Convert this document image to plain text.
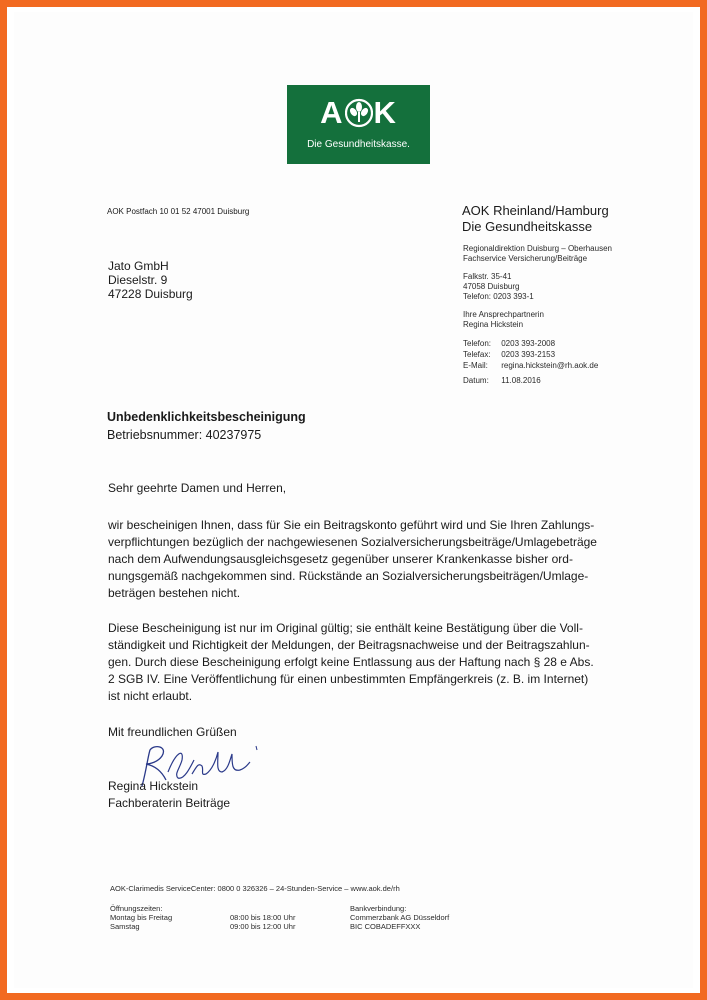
A K
Die Gesundheitskasse.
AOK Postfach 10 01 52 47001 Duisburg
Jato GmbH
Dieselstr. 9
47228 Duisburg
AOK Rheinland/Hamburg
Die Gesundheitskasse
Regionaldirektion Duisburg – Oberhausen
Fachservice Versicherung/Beiträge
Falkstr. 35-41
47058 Duisburg
Telefon: 0203 393-1
Ihre Ansprechpartnerin
Regina Hickstein
Telefon: 0203 393-2008
Telefax: 0203 393-2153
E-Mail: regina.hickstein@rh.aok.de
Datum: 11.08.2016
Unbedenklichkeitsbescheinigung
Betriebsnummer: 40237975
Sehr geehrte Damen und Herren,
wir bescheinigen Ihnen, dass für Sie ein Beitragskonto geführt wird und Sie Ihren Zahlungs-
verpflichtungen bezüglich der nachgewiesenen Sozialversicherungsbeiträge/Umlagebeträge
nach dem Aufwendungsausgleichsgesetz gegenüber unserer Krankenkasse bisher ord-
nungsgemäß nachgekommen sind. Rückstände an Sozialversicherungsbeiträgen/Umlage-
beträgen bestehen nicht.
Diese Bescheinigung ist nur im Original gültig; sie enthält keine Bestätigung über die Voll-
ständigkeit und Richtigkeit der Meldungen, der Beitragsnachweise und der Beitragszahlun-
gen. Durch diese Bescheinigung erfolgt keine Entlassung aus der Haftung nach § 28 e Abs.
2 SGB IV. Eine Veröffentlichung für einen unbestimmten Empfängerkreis (z. B. im Internet)
ist nicht erlaubt.
Mit freundlichen Grüßen
Regina Hickstein
Fachberaterin Beiträge
AOK-Clarimedis ServiceCenter: 0800 0 326326 – 24-Stunden-Service – www.aok.de/rh
Öffnungszeiten:
Montag bis Freitag
Samstag
08:00 bis 18:00 Uhr
09:00 bis 12:00 Uhr
Bankverbindung:
Commerzbank AG Düsseldorf
BIC COBADEFFXXX
